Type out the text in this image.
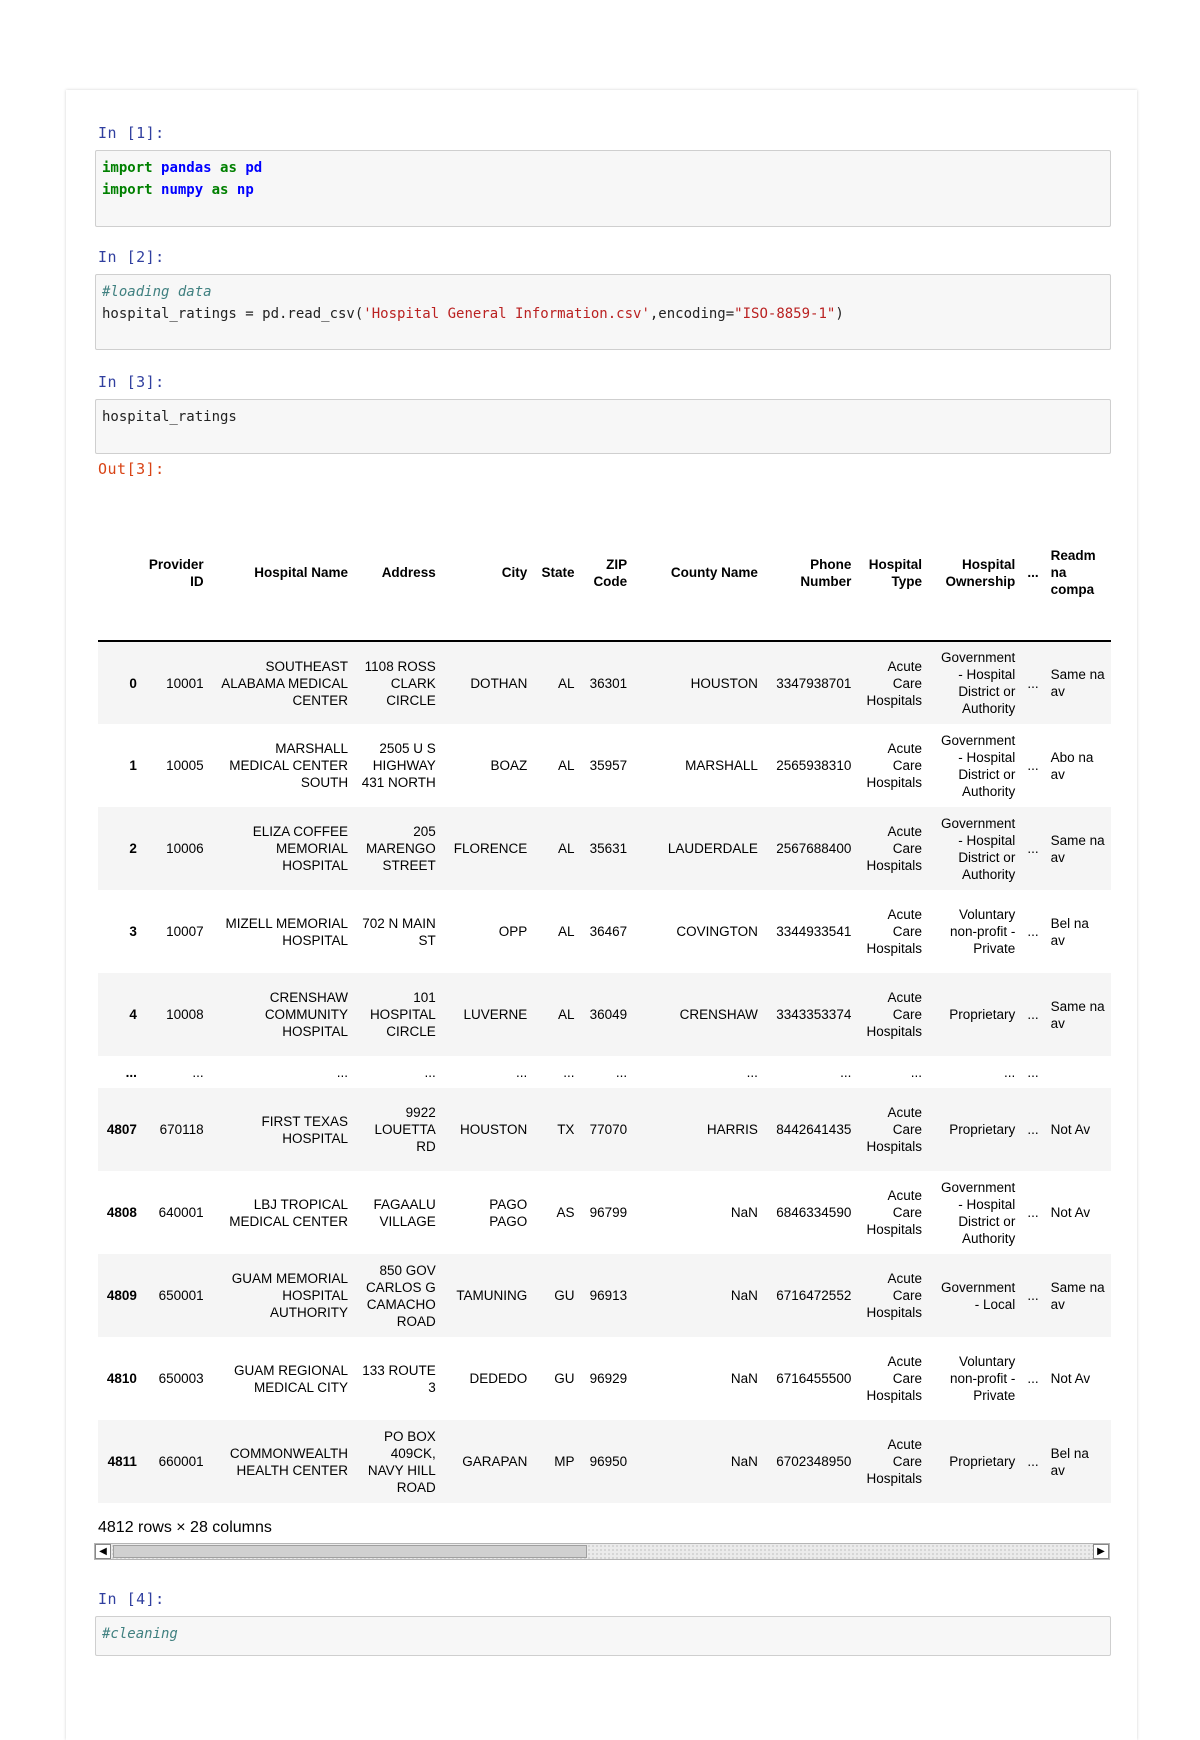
In [1]:
import pandas as pd
import numpy as np
In [2]:
#loading data
hospital_ratings = pd.read_csv('Hospital General Information.csv',encoding="ISO-8859-1")
In [3]:
hospital_ratings
Out[3]:
	Provider ID	Hospital Name	Address	City	State	ZIP Code	County Name	Phone Number	Hospital Type	Hospital Ownership	...	Readm na compa
0	10001	SOUTHEAST ALABAMA MEDICAL CENTER	1108 ROSS CLARK CIRCLE	DOTHAN	AL	36301	HOUSTON	3347938701	Acute Care Hospitals	Government - Hospital District or Authority	...	Same na av
1	10005	MARSHALL MEDICAL CENTER SOUTH	2505 U S HIGHWAY 431 NORTH	BOAZ	AL	35957	MARSHALL	2565938310	Acute Care Hospitals	Government - Hospital District or Authority	...	Abo na av
2	10006	ELIZA COFFEE MEMORIAL HOSPITAL	205 MARENGO STREET	FLORENCE	AL	35631	LAUDERDALE	2567688400	Acute Care Hospitals	Government - Hospital District or Authority	...	Same na av
3	10007	MIZELL MEMORIAL HOSPITAL	702 N MAIN ST	OPP	AL	36467	COVINGTON	3344933541	Acute Care Hospitals	Voluntary non-profit - Private	...	Bel na av
4	10008	CRENSHAW COMMUNITY HOSPITAL	101 HOSPITAL CIRCLE	LUVERNE	AL	36049	CRENSHAW	3343353374	Acute Care Hospitals	Proprietary	...	Same na av
...	...	...	...	...	...	...	...	...	...	...	...	
4807	670118	FIRST TEXAS HOSPITAL	9922 LOUETTA RD	HOUSTON	TX	77070	HARRIS	8442641435	Acute Care Hospitals	Proprietary	...	Not Av
4808	640001	LBJ TROPICAL MEDICAL CENTER	FAGAALU VILLAGE	PAGO PAGO	AS	96799	NaN	6846334590	Acute Care Hospitals	Government - Hospital District or Authority	...	Not Av
4809	650001	GUAM MEMORIAL HOSPITAL AUTHORITY	850 GOV CARLOS G CAMACHO ROAD	TAMUNING	GU	96913	NaN	6716472552	Acute Care Hospitals	Government - Local	...	Same na av
4810	650003	GUAM REGIONAL MEDICAL CITY	133 ROUTE 3	DEDEDO	GU	96929	NaN	6716455500	Acute Care Hospitals	Voluntary non-profit - Private	...	Not Av
4811	660001	COMMONWEALTH HEALTH CENTER	PO BOX 409CK, NAVY HILL ROAD	GARAPAN	MP	96950	NaN	6702348950	Acute Care Hospitals	Proprietary	...	Bel na av
4812 rows × 28 columns
◀	▶
In [4]:
#cleaning
